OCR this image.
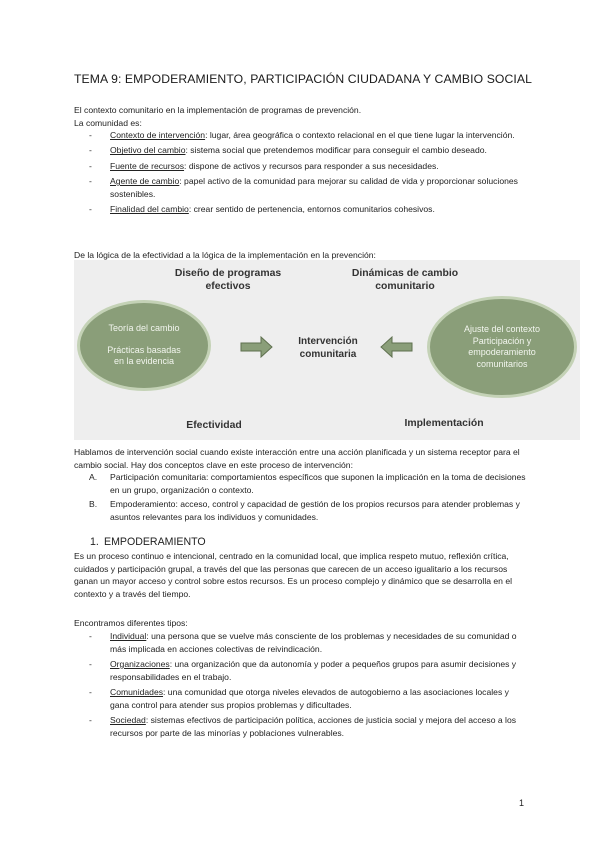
TEMA 9: EMPODERAMIENTO, PARTICIPACIÓN CIUDADANA Y CAMBIO SOCIAL
El contexto comunitario en la implementación de programas de prevención.
La comunidad es:
- Contexto de intervención: lugar, área geográfica o contexto relacional en el que tiene lugar la intervención.
- Objetivo del cambio: sistema social que pretendemos modificar para conseguir el cambio deseado.
- Fuente de recursos: dispone de activos y recursos para responder a sus necesidades.
- Agente de cambio: papel activo de la comunidad para mejorar su calidad de vida y proporcionar soluciones sostenibles.
- Finalidad del cambio: crear sentido de pertenencia, entornos comunitarios cohesivos.
De la lógica de la efectividad a la lógica de la implementación en la prevención:
Diseño de programas efectivos
Dinámicas de cambio comunitario
Teoría del cambio
Prácticas basadas en la evidencia
Intervención comunitaria
Ajuste del contexto
Participación y empoderamiento comunitarios
Efectividad	Implementación
Hablamos de intervención social cuando existe interacción entre una acción planificada y un sistema receptor para el cambio social. Hay dos conceptos clave en este proceso de intervención:
A. Participación comunitaria: comportamientos específicos que suponen la implicación en la toma de decisiones en un grupo, organización o contexto.
B. Empoderamiento: acceso, control y capacidad de gestión de los propios recursos para atender problemas y asuntos relevantes para los individuos y comunidades.
1. EMPODERAMIENTO
Es un proceso continuo e intencional, centrado en la comunidad local, que implica respeto mutuo, reflexión crítica, cuidados y participación grupal, a través del que las personas que carecen de un acceso igualitario a los recursos ganan un mayor acceso y control sobre estos recursos. Es un proceso complejo y dinámico que se desarrolla en el contexto y a través del tiempo.
Encontramos diferentes tipos:
- Individual: una persona que se vuelve más consciente de los problemas y necesidades de su comunidad o más implicada en acciones colectivas de reivindicación.
- Organizaciones: una organización que da autonomía y poder a pequeños grupos para asumir decisiones y responsabilidades en el trabajo.
- Comunidades: una comunidad que otorga niveles elevados de autogobierno a las asociaciones locales y gana control para atender sus propios problemas y dificultades.
- Sociedad: sistemas efectivos de participación política, acciones de justicia social y mejora del acceso a los recursos por parte de las minorías y poblaciones vulnerables.
1
